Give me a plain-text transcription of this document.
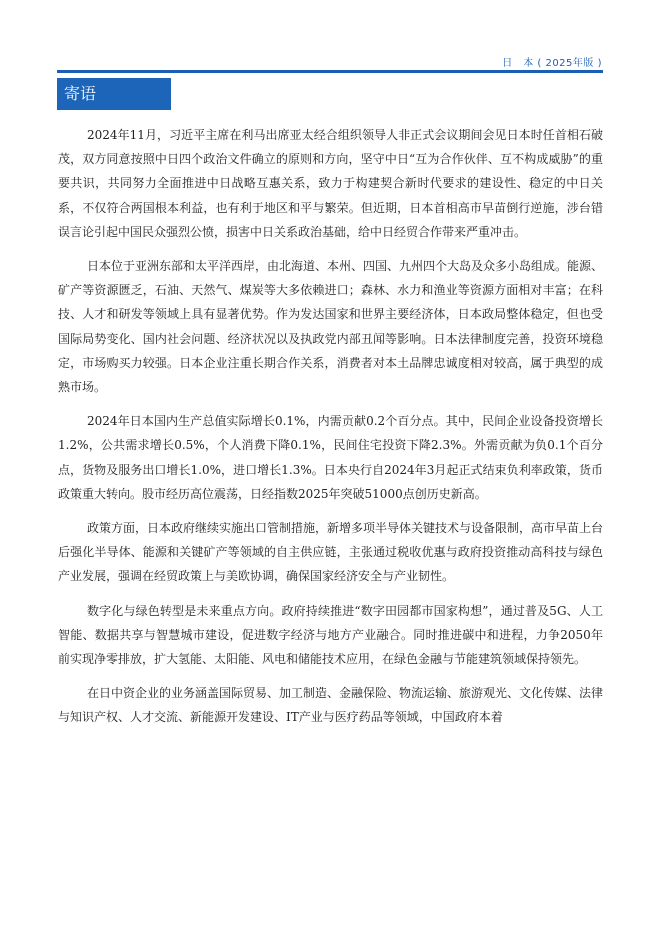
日　本 ( 2025年版 )
寄语

2024年11月，习近平主席在利马出席亚太经合组织领导人非正式会议期间会见日本时任首相石破茂，双方同意按照中日四个政治文件确立的原则和方向，坚守中日“互为合作伙伴、互不构成威胁”的重要共识，共同努力全面推进中日战略互惠关系，致力于构建契合新时代要求的建设性、稳定的中日关系，不仅符合两国根本利益，也有利于地区和平与繁荣。但近期，日本首相高市早苗倒行逆施，涉台错误言论引起中国民众强烈公愤，损害中日关系政治基础，给中日经贸合作带来严重冲击。

日本位于亚洲东部和太平洋西岸，由北海道、本州、四国、九州四个大岛及众多小岛组成。能源、矿产等资源匮乏，石油、天然气、煤炭等大多依赖进口；森林、水力和渔业等资源方面相对丰富；在科技、人才和研发等领域上具有显著优势。作为发达国家和世界主要经济体，日本政局整体稳定，但也受国际局势变化、国内社会问题、经济状况以及执政党内部丑闻等影响。日本法律制度完善，投资环境稳定，市场购买力较强。日本企业注重长期合作关系，消费者对本土品牌忠诚度相对较高，属于典型的成熟市场。

2024年日本国内生产总值实际增长0.1%，内需贡献0.2个百分点。其中，民间企业设备投资增长1.2%，公共需求增长0.5%，个人消费下降0.1%，民间住宅投资下降2.3%。外需贡献为负0.1个百分点，货物及服务出口增长1.0%，进口增长1.3%。日本央行自2024年3月起正式结束负利率政策，货币政策重大转向。股市经历高位震荡，日经指数2025年突破51000点创历史新高。

政策方面，日本政府继续实施出口管制措施，新增多项半导体关键技术与设备限制，高市早苗上台后强化半导体、能源和关键矿产等领域的自主供应链，主张通过税收优惠与政府投资推动高科技与绿色产业发展，强调在经贸政策上与美欧协调，确保国家经济安全与产业韧性。

数字化与绿色转型是未来重点方向。政府持续推进“数字田园都市国家构想”，通过普及5G、人工智能、数据共享与智慧城市建设，促进数字经济与地方产业融合。同时推进碳中和进程，力争2050年前实现净零排放，扩大氢能、太阳能、风电和储能技术应用，在绿色金融与节能建筑领域保持领先。

在日中资企业的业务涵盖国际贸易、加工制造、金融保险、物流运输、旅游观光、文化传媒、法律与知识产权、人才交流、新能源开发建设、IT产业与医疗药品等领域，中国政府本着
